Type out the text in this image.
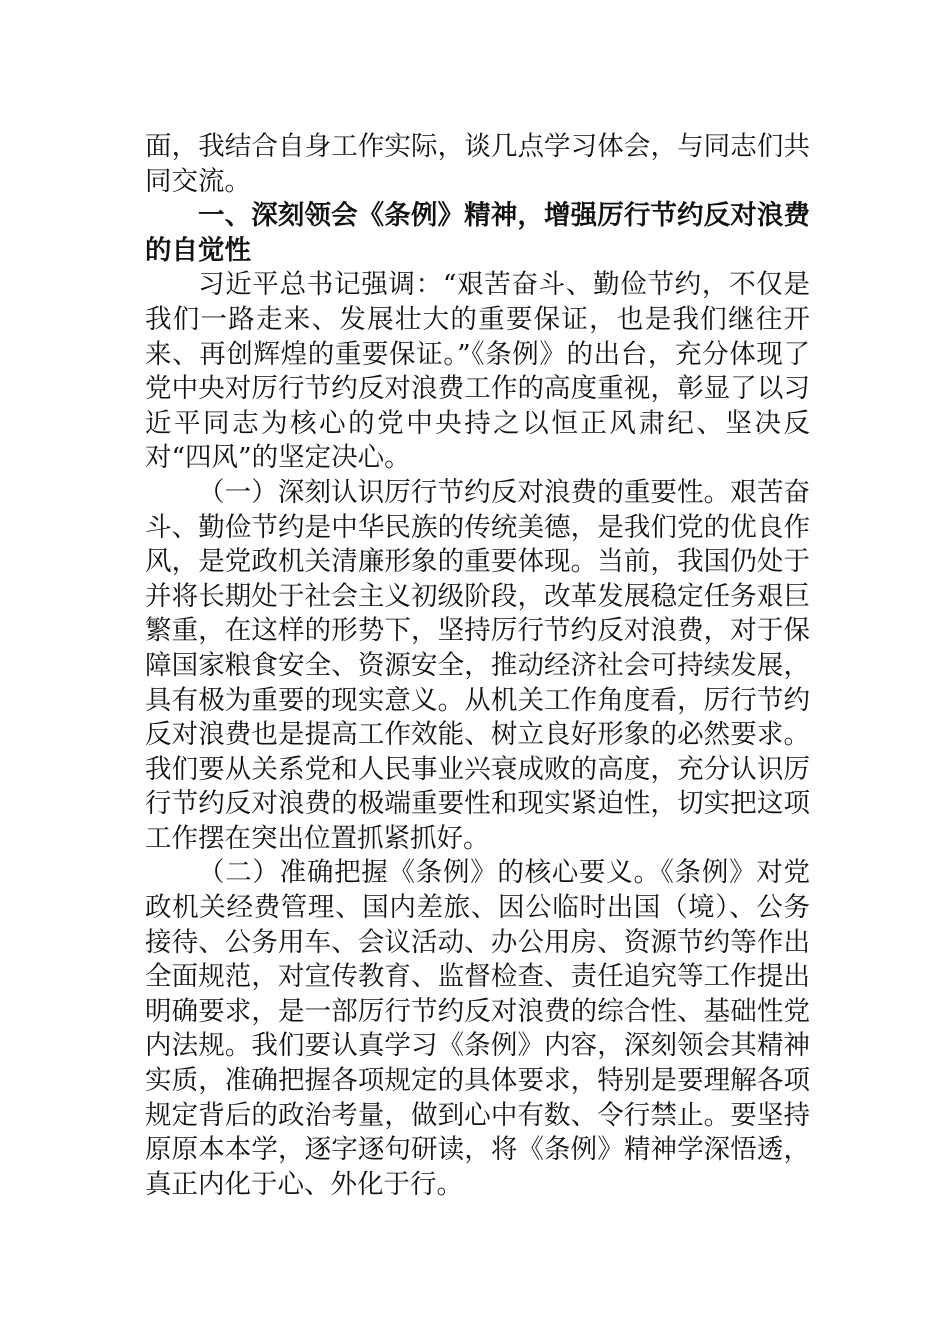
面，我结合自身工作实际，谈几点学习体会，与同志们共同交流。

一、深刻领会《条例》精神，增强厉行节约反对浪费的自觉性

习近平总书记强调：“艰苦奋斗、勤俭节约，不仅是我们一路走来、发展壮大的重要保证，也是我们继往开来、再创辉煌的重要保证。”《条例》的出台，充分体现了党中央对厉行节约反对浪费工作的高度重视，彰显了以习近平同志为核心的党中央持之以恒正风肃纪、坚决反对“四风”的坚定决心。

（一）深刻认识厉行节约反对浪费的重要性。艰苦奋斗、勤俭节约是中华民族的传统美德，是我们党的优良作风，是党政机关清廉形象的重要体现。当前，我国仍处于并将长期处于社会主义初级阶段，改革发展稳定任务艰巨繁重，在这样的形势下，坚持厉行节约反对浪费，对于保障国家粮食安全、资源安全，推动经济社会可持续发展，具有极为重要的现实意义。从机关工作角度看，厉行节约反对浪费也是提高工作效能、树立良好形象的必然要求。我们要从关系党和人民事业兴衰成败的高度，充分认识厉行节约反对浪费的极端重要性和现实紧迫性，切实把这项工作摆在突出位置抓紧抓好。

（二）准确把握《条例》的核心要义。《条例》对党政机关经费管理、国内差旅、因公临时出国（境）、公务接待、公务用车、会议活动、办公用房、资源节约等作出全面规范，对宣传教育、监督检查、责任追究等工作提出明确要求，是一部厉行节约反对浪费的综合性、基础性党内法规。我们要认真学习《条例》内容，深刻领会其精神实质，准确把握各项规定的具体要求，特别是要理解各项规定背后的政治考量，做到心中有数、令行禁止。要坚持原原本本学，逐字逐句研读，将《条例》精神学深悟透，真正内化于心、外化于行。
